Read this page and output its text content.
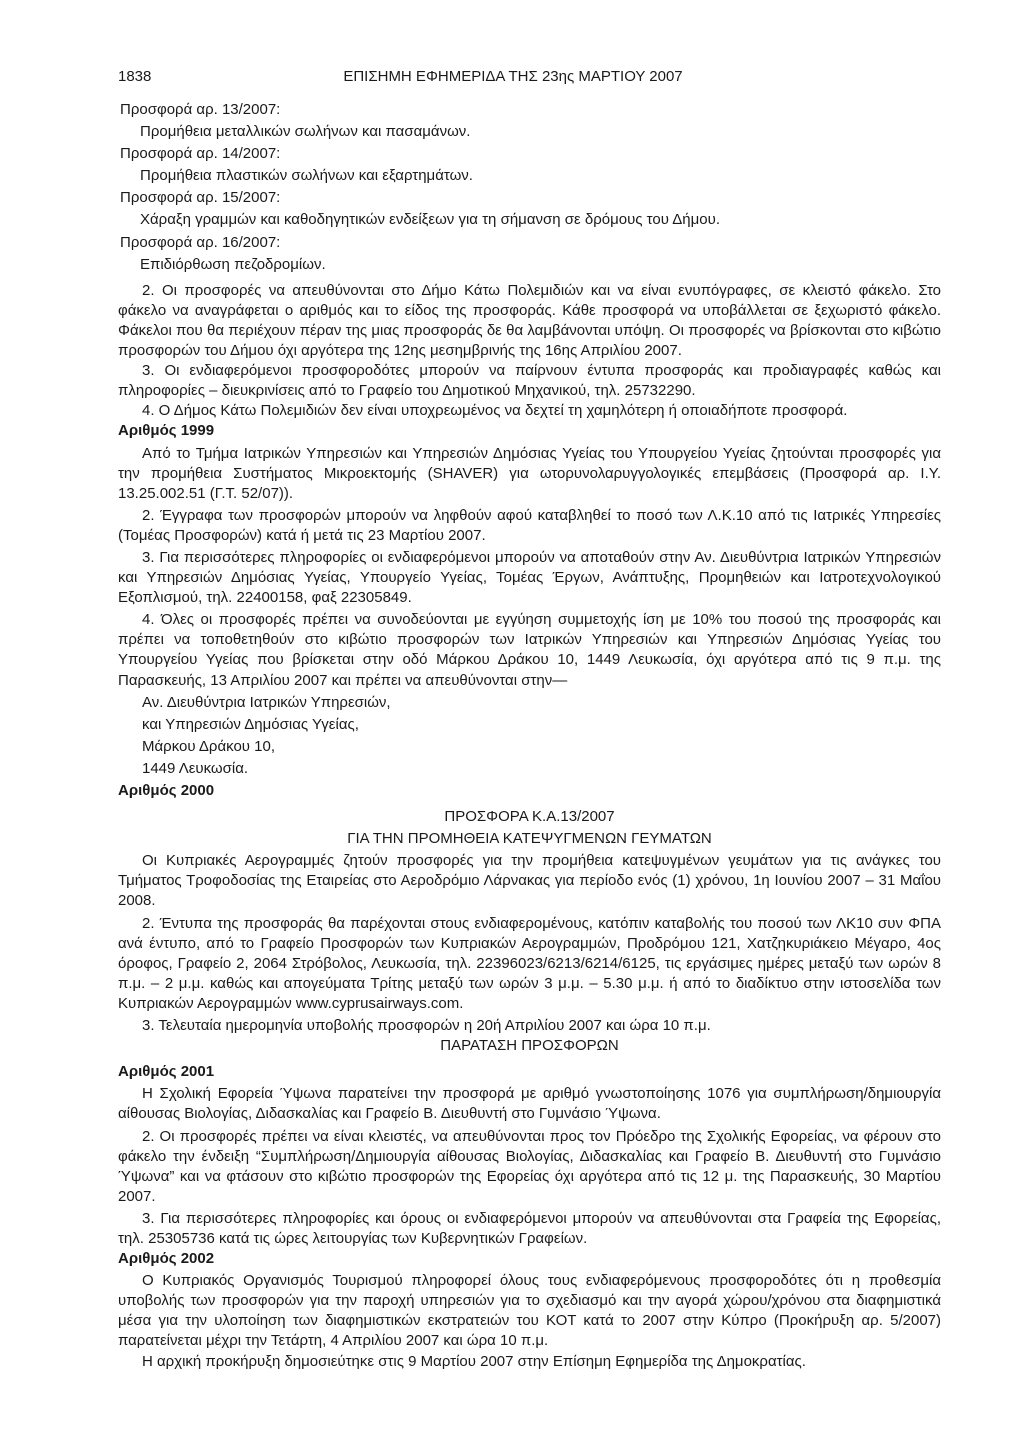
1838	ΕΠΙΣΗΜΗ ΕΦΗΜΕΡΙΔΑ ΤΗΣ 23ης ΜΑΡΤΙΟΥ 2007

Προσφορά αρ. 13/2007:

Προμήθεια μεταλλικών σωλήνων και πασαμάνων.

Προσφορά αρ. 14/2007:

Προμήθεια πλαστικών σωλήνων και εξαρτημάτων.

Προσφορά αρ. 15/2007:

Χάραξη γραμμών και καθοδηγητικών ενδείξεων για τη σήμανση σε δρόμους του Δήμου.

Προσφορά αρ. 16/2007:

Επιδιόρθωση πεζοδρομίων.

2. Οι προσφορές να απευθύνονται στο Δήμο Κάτω Πολεμιδιών και να είναι ενυπόγραφες, σε κλειστό φάκελο. Στο φάκελο να αναγράφεται ο αριθμός και το είδος της προσφοράς. Κάθε προσφορά να υποβάλλεται σε ξεχωριστό φάκελο. Φάκελοι που θα περιέχουν πέραν της μιας προσφοράς δε θα λαμβάνονται υπόψη. Οι προσφορές να βρίσκονται στο κιβώτιο προσφορών του Δήμου όχι αργότερα της 12ης μεσημβρινής της 16ης Απριλίου 2007.

3. Οι ενδιαφερόμενοι προσφοροδότες μπορούν να παίρνουν έντυπα προσφοράς και προδιαγραφές καθώς και πληροφορίες – διευκρινίσεις από το Γραφείο του Δημοτικού Μηχανικού, τηλ. 25732290.

4. Ο Δήμος Κάτω Πολεμιδιών δεν είναι υποχρεωμένος να δεχτεί τη χαμηλότερη ή οποιαδήποτε προσφορά.

Αριθμός 1999

Από το Τμήμα Ιατρικών Υπηρεσιών και Υπηρεσιών Δημόσιας Υγείας του Υπουργείου Υγείας ζητούνται προσφορές για την προμήθεια Συστήματος Μικροεκτομής (SHAVER) για ωτορυνολαρυγγολογικές επεμβάσεις (Προσφορά αρ. Ι.Υ. 13.25.002.51 (Γ.Τ. 52/07)).

2. Έγγραφα των προσφορών μπορούν να ληφθούν αφού καταβληθεί το ποσό των Λ.Κ.10 από τις Ιατρικές Υπηρεσίες (Τομέας Προσφορών) κατά ή μετά τις 23 Μαρτίου 2007.

3. Για περισσότερες πληροφορίες οι ενδιαφερόμενοι μπορούν να αποταθούν στην Αν. Διευθύντρια Ιατρικών Υπηρεσιών και Υπηρεσιών Δημόσιας Υγείας, Υπουργείο Υγείας, Τομέας Έργων, Ανάπτυξης, Προμηθειών και Ιατροτεχνολογικού Εξοπλισμού, τηλ. 22400158, φαξ 22305849.

4. Όλες οι προσφορές πρέπει να συνοδεύονται με εγγύηση συμμετοχής ίση με 10% του ποσού της προσφοράς και πρέπει να τοποθετηθούν στο κιβώτιο προσφορών των Ιατρικών Υπηρεσιών και Υπηρεσιών Δημόσιας Υγείας του Υπουργείου Υγείας που βρίσκεται στην οδό Μάρκου Δράκου 10, 1449 Λευκωσία, όχι αργότερα από τις 9 π.μ. της Παρασκευής, 13 Απριλίου 2007 και πρέπει να απευθύνονται στην—

Αν. Διευθύντρια Ιατρικών Υπηρεσιών,

και Υπηρεσιών Δημόσιας Υγείας,

Μάρκου Δράκου 10,

1449 Λευκωσία.

Αριθμός 2000

ΠΡΟΣΦΟΡΑ Κ.Α.13/2007

ΓΙΑ ΤΗΝ ΠΡΟΜΗΘΕΙΑ ΚΑΤΕΨΥΓΜΕΝΩΝ ΓΕΥΜΑΤΩΝ

Οι Κυπριακές Αερογραμμές ζητούν προσφορές για την προμήθεια κατεψυγμένων γευμάτων για τις ανάγκες του Τμήματος Τροφοδοσίας της Εταιρείας στο Αεροδρόμιο Λάρνακας για περίοδο ενός (1) χρόνου, 1η Ιουνίου 2007 – 31 Μαΐου 2008.

2. Έντυπα της προσφοράς θα παρέχονται στους ενδιαφερομένους, κατόπιν καταβολής του ποσού των ΛΚ10 συν ΦΠΑ ανά έντυπο, από το Γραφείο Προσφορών των Κυπριακών Αερογραμμών, Προδρόμου 121, Χατζηκυριάκειο Μέγαρο, 4ος όροφος, Γραφείο 2, 2064 Στρόβολος, Λευκωσία, τηλ. 22396023/6213/6214/6125, τις εργάσιμες ημέρες μεταξύ των ωρών 8 π.μ. – 2 μ.μ. καθώς και απογεύματα Τρίτης μεταξύ των ωρών 3 μ.μ. – 5.30 μ.μ. ή από το διαδίκτυο στην ιστοσελίδα των Κυπριακών Αερογραμμών www.cyprusairways.com.

3. Τελευταία ημερομηνία υποβολής προσφορών η 20ή Απριλίου 2007 και ώρα 10 π.μ.

ΠΑΡΑΤΑΣΗ ΠΡΟΣΦΟΡΩΝ

Αριθμός 2001

Η Σχολική Εφορεία Ύψωνα παρατείνει την προσφορά με αριθμό γνωστοποίησης 1076 για συμπλήρωση/δημιουργία αίθουσας Βιολογίας, Διδασκαλίας και Γραφείο Β. Διευθυντή στο Γυμνάσιο Ύψωνα.

2. Οι προσφορές πρέπει να είναι κλειστές, να απευθύνονται προς τον Πρόεδρο της Σχολικής Εφορείας, να φέρουν στο φάκελο την ένδειξη “Συμπλήρωση/Δημιουργία αίθουσας Βιολογίας, Διδασκαλίας και Γραφείο Β. Διευθυντή στο Γυμνάσιο Ύψωνα” και να φτάσουν στο κιβώτιο προσφορών της Εφορείας όχι αργότερα από τις 12 μ. της Παρασκευής, 30 Μαρτίου 2007.

3. Για περισσότερες πληροφορίες και όρους οι ενδιαφερόμενοι μπορούν να απευθύνονται στα Γραφεία της Εφορείας, τηλ. 25305736 κατά τις ώρες λειτουργίας των Κυβερνητικών Γραφείων.

Αριθμός 2002

Ο Κυπριακός Οργανισμός Τουρισμού πληροφορεί όλους τους ενδιαφερόμενους προσφοροδότες ότι η προθεσμία υποβολής των προσφορών για την παροχή υπηρεσιών για το σχεδιασμό και την αγορά χώρου/χρόνου στα διαφημιστικά μέσα για την υλοποίηση των διαφημιστικών εκστρατειών του ΚΟΤ κατά το 2007 στην Κύπρο (Προκήρυξη αρ. 5/2007) παρατείνεται μέχρι την Τετάρτη, 4 Απριλίου 2007 και ώρα 10 π.μ.

Η αρχική προκήρυξη δημοσιεύτηκε στις 9 Μαρτίου 2007 στην Επίσημη Εφημερίδα της Δημοκρατίας.
